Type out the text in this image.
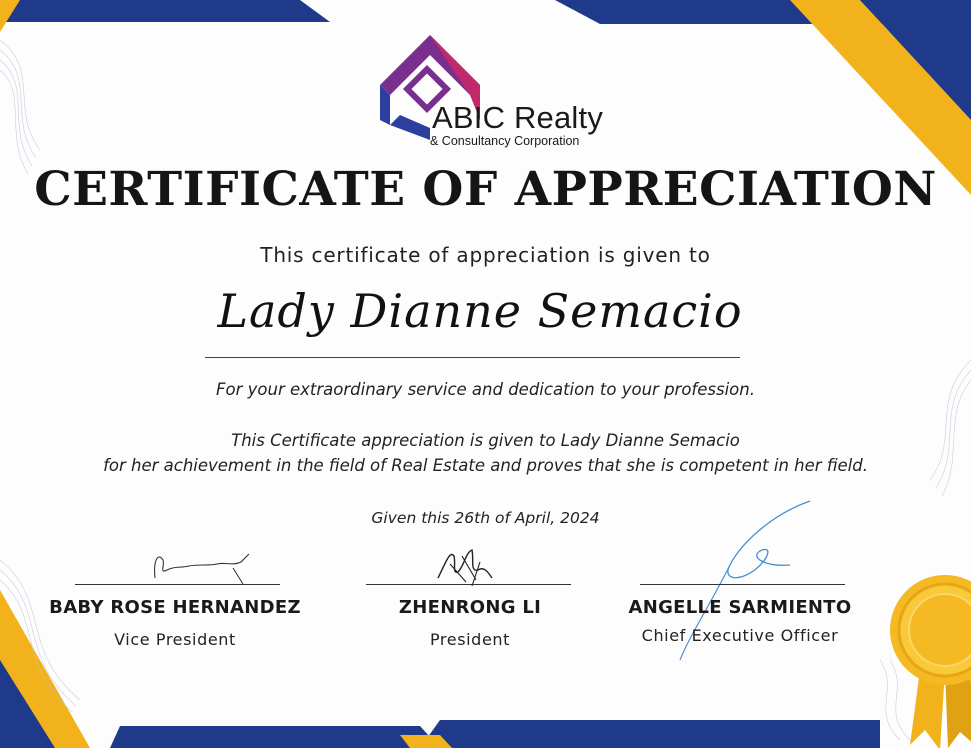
ABIC Realty
& Consultancy Corporation
CERTIFICATE OF APPRECIATION
This certificate of appreciation is given to
Lady Dianne Semacio
For your extraordinary service and dedication to your profession.
This Certificate appreciation is given to Lady Dianne Semacio
for her achievement in the field of Real Estate and proves that she is competent in her field.
Given this 26th of April, 2024
BABY ROSE HERNANDEZ
Vice President
ZHENRONG LI
President
ANGELLE SARMIENTO
Chief Executive Officer
